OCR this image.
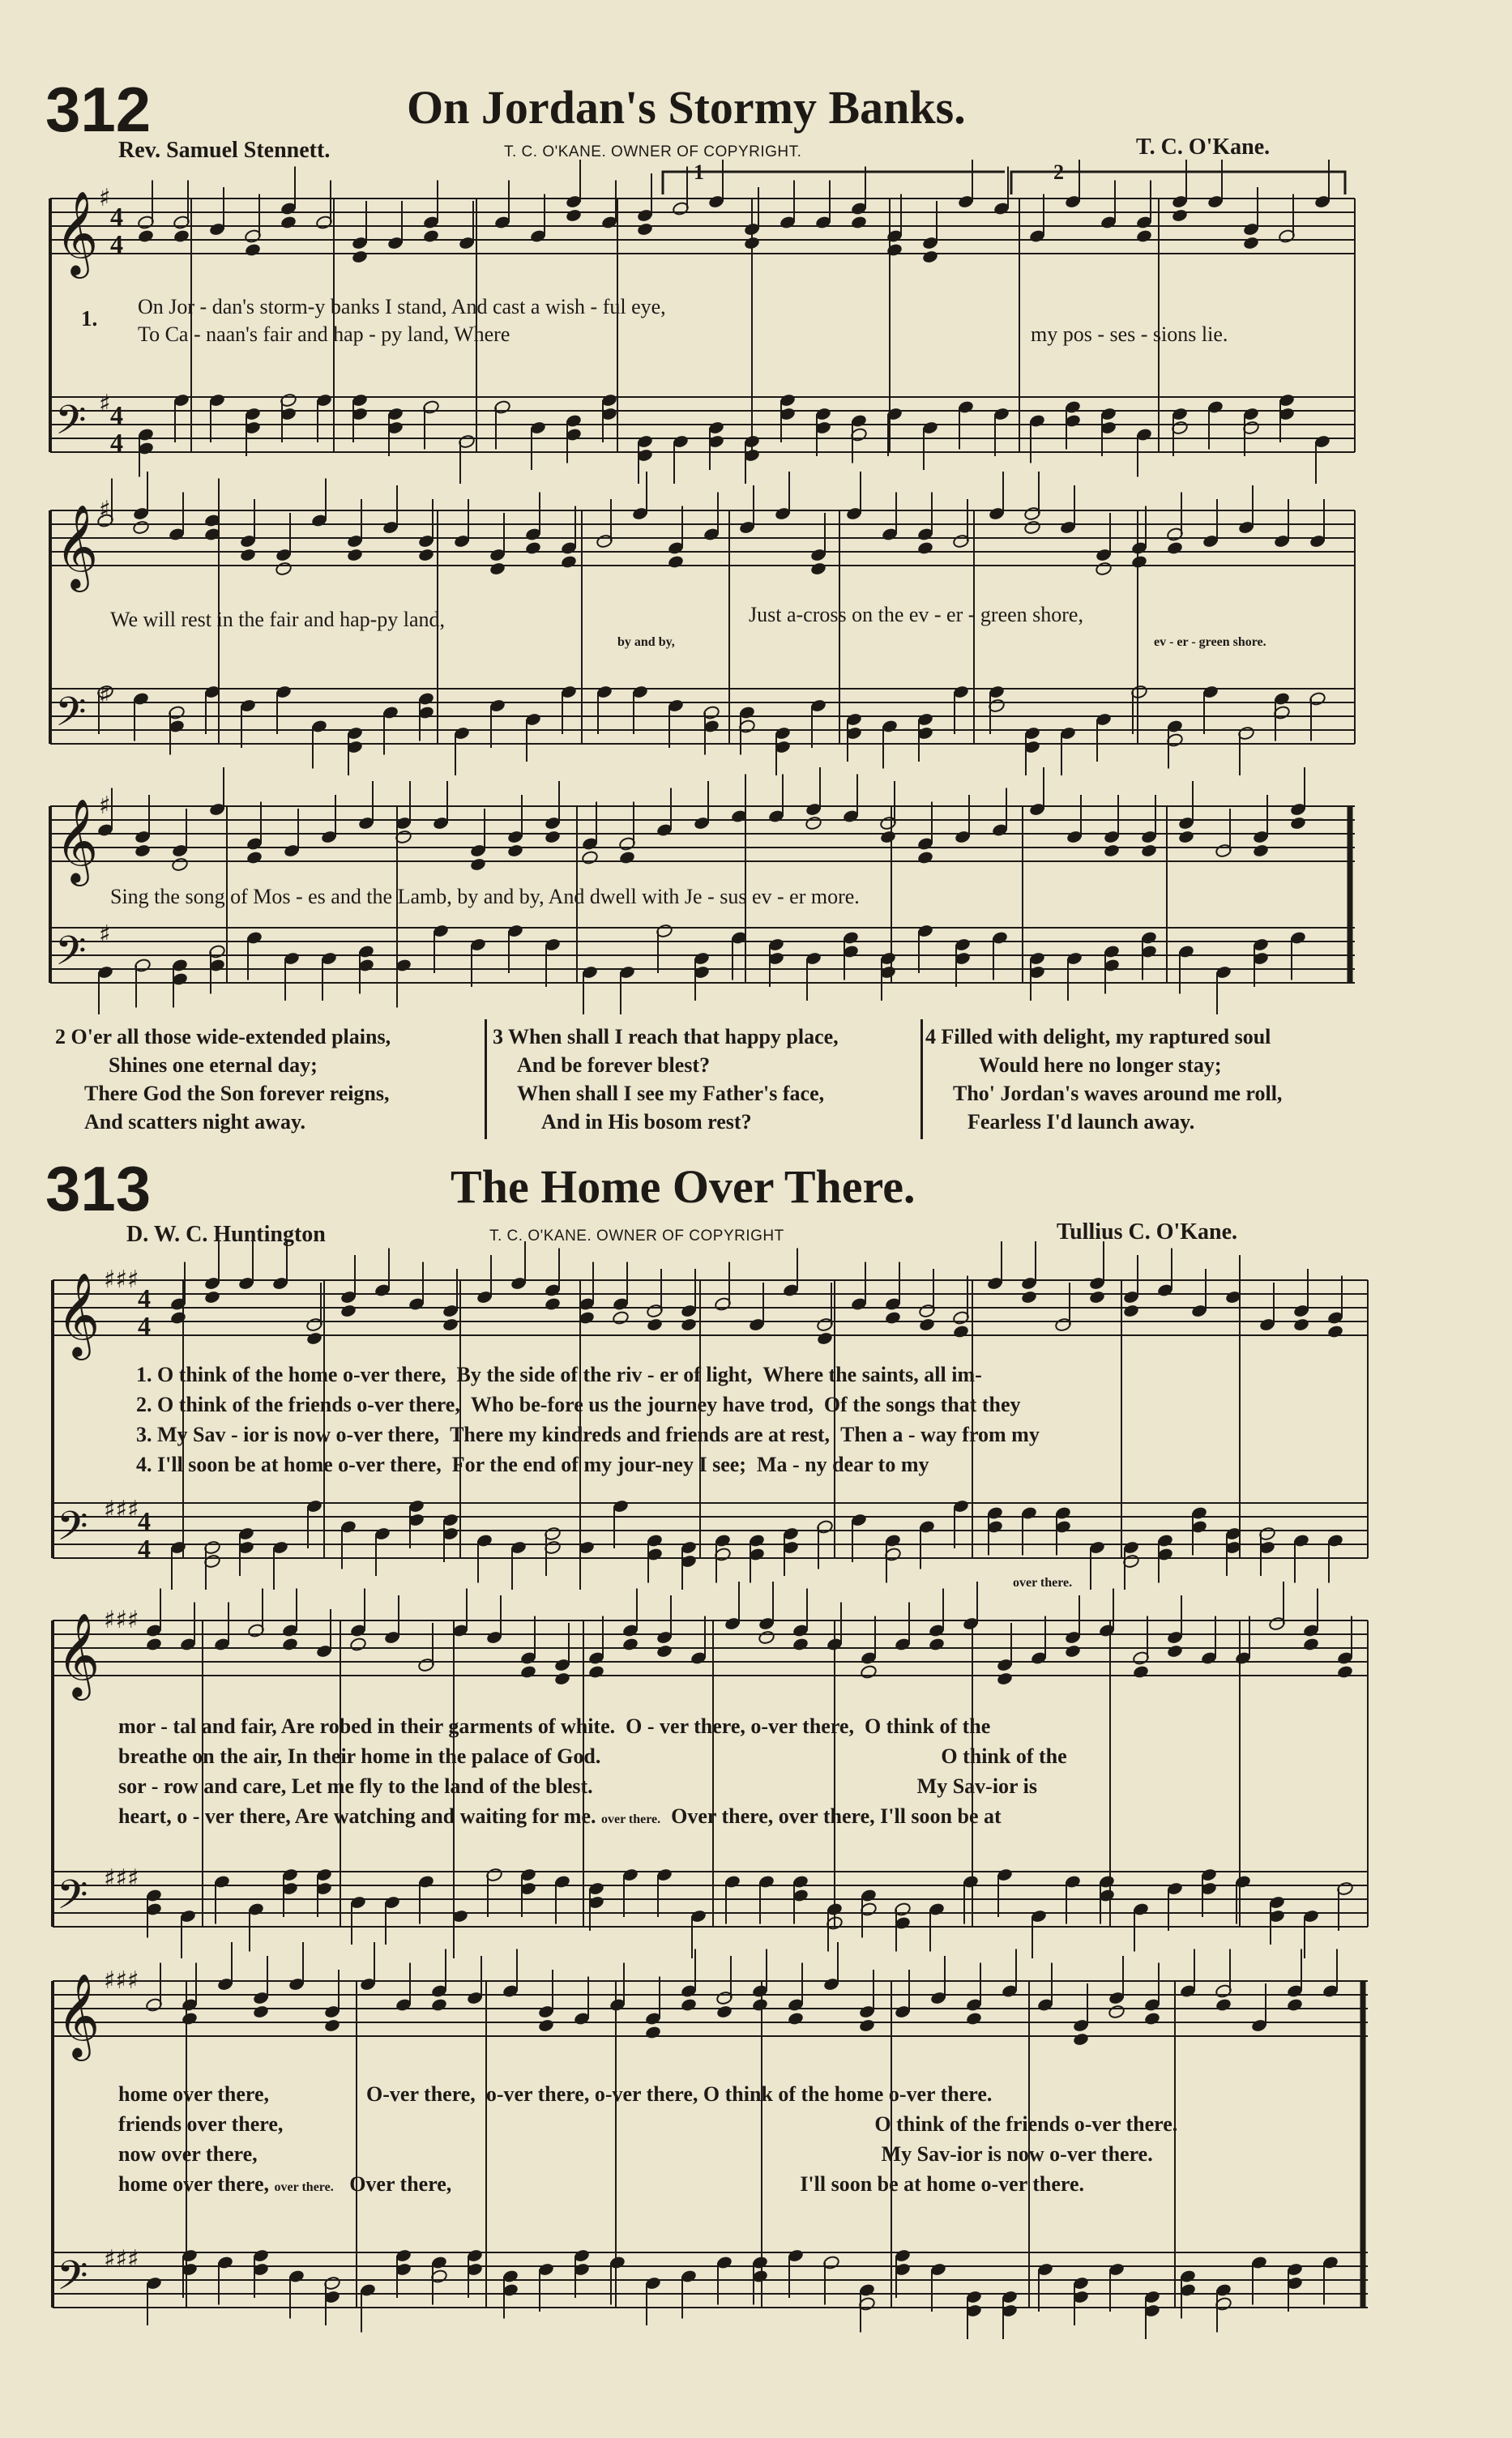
𝄞
𝄢
𝄞
𝄢
𝄞
𝄢
𝄞
𝄢
𝄞
𝄢
𝄞
𝄢
4
4
4
4
4
4
4
4
♯
♯
♯
♯
♯
♯
♯♯♯
♯♯♯
♯♯♯
♯♯♯
♯♯♯
♯♯♯
312	On Jordan's Stormy Banks.
Rev. Samuel Stennett.	T. C. O'KANE. OWNER OF COPYRIGHT.	T. C. O'Kane.
1	2
1. On Jor - dan's storm-y banks I stand, And cast a wish - ful eye,
To Ca - naan's fair and hap - py land, Where	my pos - ses - sions lie.
We will rest in the fair and hap-py land,	Just a-cross on the ev - er - green shore,
by and by,	ev - er - green shore.
Sing the song of Mos - es and the Lamb, by and by, And dwell with Je - sus ev - er more.
2 O'er all those wide-extended plains,
Shines one eternal day;
There God the Son forever reigns,
And scatters night away.
3 When shall I reach that happy place,
And be forever blest?
When shall I see my Father's face,
And in His bosom rest?
4 Filled with delight, my raptured soul
Would here no longer stay;
Tho' Jordan's waves around me roll,
Fearless I'd launch away.
313	The Home Over There.
D. W. C. Huntington	T. C. O'KANE. OWNER OF COPYRIGHT	Tullius C. O'Kane.
1. O think of the home o-ver there, By the side of the riv - er of light, Where the saints, all im-
2. O think of the friends o-ver there, Who be-fore us the journey have trod, Of the songs that they
3. My Sav - ior is now o-ver there, There my kindreds and friends are at rest, Then a - way from my
4. I'll soon be at home o-ver there, For the end of my jour-ney I see; Ma - ny dear to my
over there.
mor - tal and fair, Are robed in their garments of white. O - ver there, o-ver there, O think of the
breathe on the air, In their home in the palace of God.	O think of the
sor - row and care, Let me fly to the land of the blest.	My Sav-ior is
heart, o - ver there, Are watching and waiting for me. over there. Over there, over there, I'll soon be at
home over there,	O-ver there, o-ver there, o-ver there, O think of the home o-ver there.
friends over there,	O think of the friends o-ver there.
now over there,	My Sav-ior is now o-ver there.
home over there, over there. Over there,	I'll soon be at home o-ver there.
